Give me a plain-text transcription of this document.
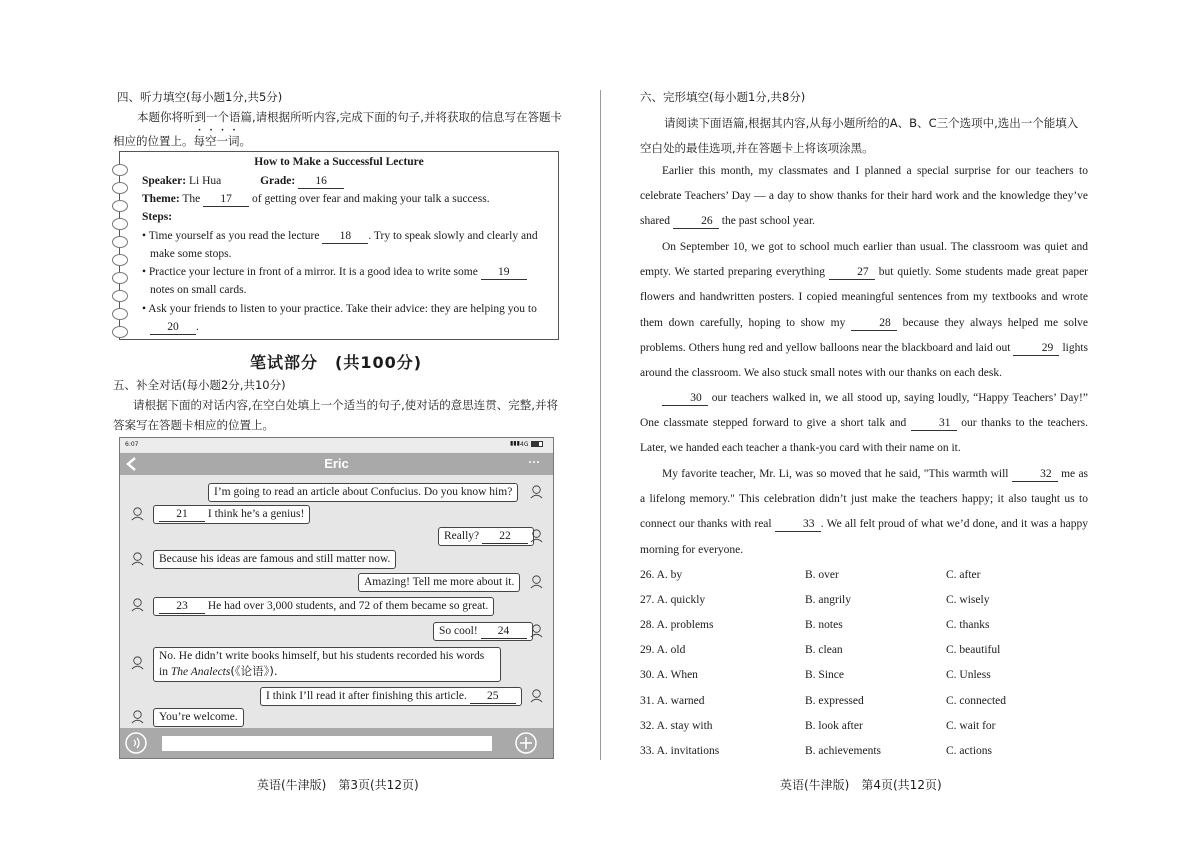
四、听力填空(每小题1分,共5分)
本题你将听到一个语篇,请根据所听内容,完成下面的句子,并将获取的信息写在答题卡相应的位置上。每空一词。
How to Make a Successful Lecture
Speaker: Li Hua	Grade: 16
Theme: The 17 of getting over fear and making your talk a success.
Steps:
• Time yourself as you read the lecture 18 . Try to speak slowly and clearly and
make some stops.
• Practice your lecture in front of a mirror. It is a good idea to write some 19
notes on small cards.
• Ask your friends to listen to your practice. Take their advice: they are helping you to
20 .
笔试部分　(共100分)
五、补全对话(每小题2分,共10分)
请根据下面的对话内容,在空白处填上一个适当的句子,使对话的意思连贯、完整,并将答案写在答题卡相应的位置上。
6:07	▮▮▮ 4G
Eric	···
I’m going to read an article about Confucius. Do you know him?
21 I think he’s a genius!
Really? 22
Because his ideas are famous and still matter now.
Amazing! Tell me more about it.
23 He had over 3,000 students, and 72 of them became so great.
So cool! 24
No. He didn’t write books himself, but his students recorded his words
in The Analects(《论语》).
I think I’ll read it after finishing this article. 25
You’re welcome.
英语(牛津版)　第3页(共12页)
六、完形填空(每小题1分,共8分)
请阅读下面语篇,根据其内容,从每小题所给的A、B、C三个选项中,选出一个能填入空白处的最佳选项,并在答题卡上将该项涂黑。
Earlier this month, my classmates and I planned a special surprise for our teachers to celebrate Teachers’ Day — a day to show thanks for their hard work and the knowledge they’ve shared	26 the past school year.
On September 10, we got to school much earlier than usual. The classroom was quiet and empty. We started preparing everything	27 but quietly. Some students made great paper flowers and handwritten posters. I copied meaningful sentences from my textbooks and wrote them down carefully, hoping to show my	28 because they always helped me solve problems. Others hung red and yellow balloons near the blackboard and laid out	29 lights around the classroom. We also stuck small notes with our thanks on each desk.
30 our teachers walked in, we all stood up, saying loudly, “Happy Teachers’ Day!” One classmate stepped forward to give a short talk and	31 our thanks to the teachers. Later, we handed each teacher a thank-you card with their name on it.
My favorite teacher, Mr. Li, was so moved that he said, "This warmth will	32 me as a lifelong memory." This celebration didn’t just make the teachers happy; it also taught us to connect our thanks with real	33 . We all felt proud of what we’d done, and it was a happy morning for everyone.
26. A. by	B. over	C. after
27. A. quickly	B. angrily	C. wisely
28. A. problems	B. notes	C. thanks
29. A. old	B. clean	C. beautiful
30. A. When	B. Since	C. Unless
31. A. warned	B. expressed	C. connected
32. A. stay with	B. look after	C. wait for
33. A. invitations	B. achievements	C. actions
英语(牛津版)　第4页(共12页)
